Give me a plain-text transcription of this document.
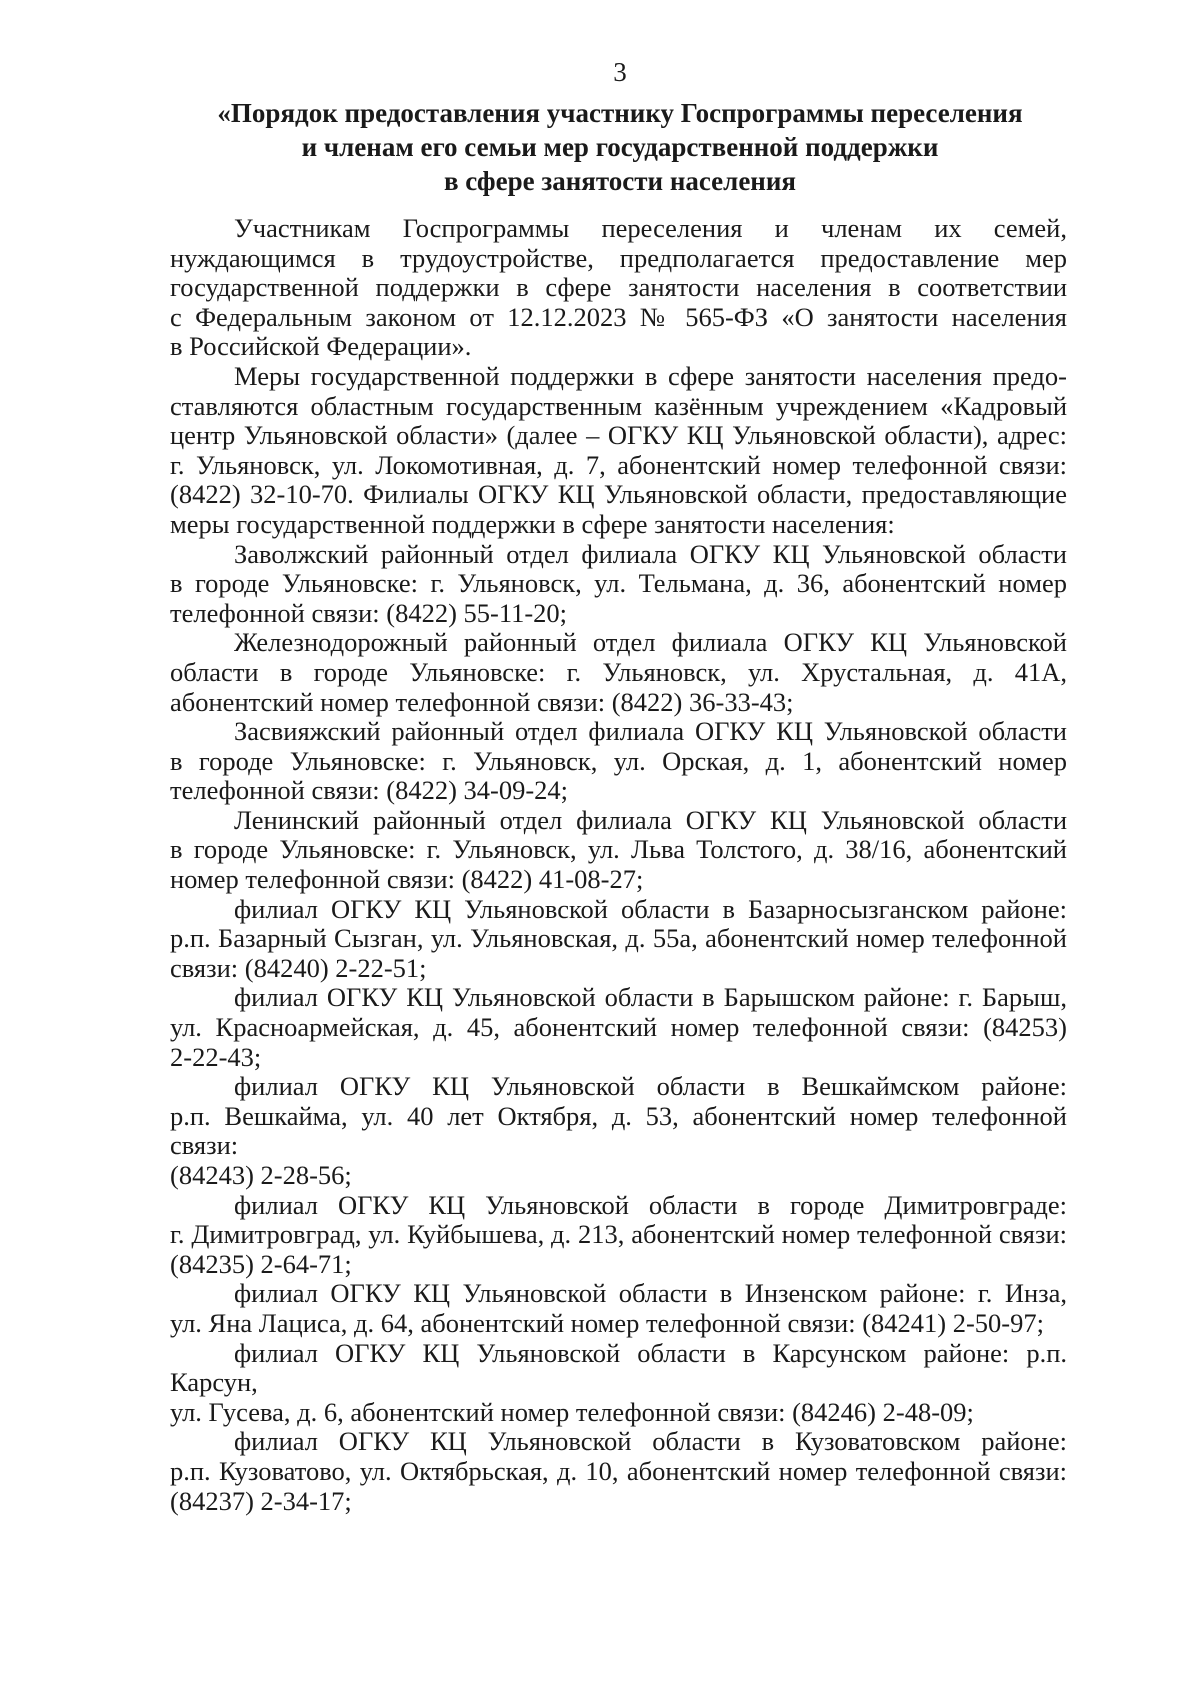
3
«Порядок предоставления участнику Госпрограммы переселения
и членам его семьи мер государственной поддержки
в сфере занятости населения

Участникам Госпрограммы переселения и членам их семей,
нуждающимся в трудоустройстве, предполагается предоставление мер
государственной поддержки в сфере занятости населения в соответствии
с Федеральным законом от 12.12.2023 № 565-ФЗ «О занятости населения
в Российской Федерации».

Меры государственной поддержки в сфере занятости населения предо-
ставляются областным государственным казённым учреждением «Кадровый
центр Ульяновской области» (далее – ОГКУ КЦ Ульяновской области), адрес:
г. Ульяновск, ул. Локомотивная, д. 7, абонентский номер телефонной связи:
(8422) 32-10-70. Филиалы ОГКУ КЦ Ульяновской области, предоставляющие
меры государственной поддержки в сфере занятости населения:

Заволжский районный отдел филиала ОГКУ КЦ Ульяновской области
в городе Ульяновске: г. Ульяновск, ул. Тельмана, д. 36, абонентский номер
телефонной связи: (8422) 55-11-20;

Железнодорожный районный отдел филиала ОГКУ КЦ Ульяновской
области в городе Ульяновске: г. Ульяновск, ул. Хрустальная, д. 41А,
абонентский номер телефонной связи: (8422) 36-33-43;

Засвияжский районный отдел филиала ОГКУ КЦ Ульяновской области
в городе Ульяновске: г. Ульяновск, ул. Орская, д. 1, абонентский номер
телефонной связи: (8422) 34-09-24;

Ленинский районный отдел филиала ОГКУ КЦ Ульяновской области
в городе Ульяновске: г. Ульяновск, ул. Льва Толстого, д. 38/16, абонентский
номер телефонной связи: (8422) 41-08-27;

филиал ОГКУ КЦ Ульяновской области в Базарносызганском районе:
р.п. Базарный Сызган, ул. Ульяновская, д. 55а, абонентский номер телефонной
связи: (84240) 2-22-51;

филиал ОГКУ КЦ Ульяновской области в Барышском районе: г. Барыш,
ул. Красноармейская, д. 45, абонентский номер телефонной связи: (84253)
2-22-43;

филиал ОГКУ КЦ Ульяновской области в Вешкаймском районе:
р.п. Вешкайма, ул. 40 лет Октября, д. 53, абонентский номер телефонной связи:
(84243) 2-28-56;

филиал ОГКУ КЦ Ульяновской области в городе Димитровграде:
г. Димитровград, ул. Куйбышева, д. 213, абонентский номер телефонной связи:
(84235) 2-64-71;

филиал ОГКУ КЦ Ульяновской области в Инзенском районе: г. Инза,
ул. Яна Лациса, д. 64, абонентский номер телефонной связи: (84241) 2-50-97;

филиал ОГКУ КЦ Ульяновской области в Карсунском районе: р.п. Карсун,
ул. Гусева, д. 6, абонентский номер телефонной связи: (84246) 2-48-09;

филиал ОГКУ КЦ Ульяновской области в Кузоватовском районе:
р.п. Кузоватово, ул. Октябрьская, д. 10, абонентский номер телефонной связи:
(84237) 2-34-17;
